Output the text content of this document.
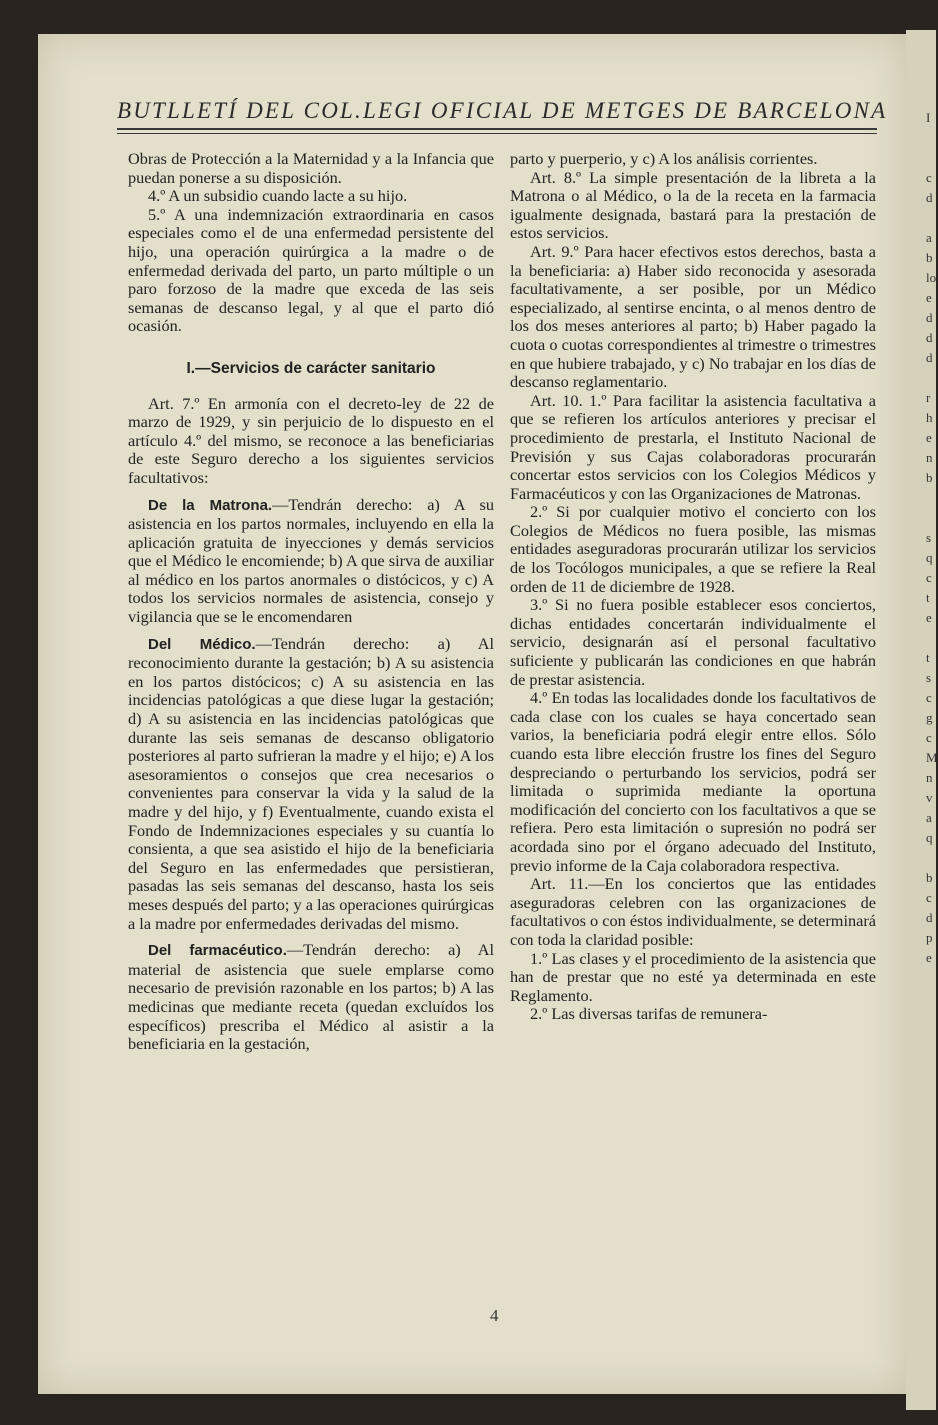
I
c
d
a
b
lo
e
d
d
d
r
h
e
n
b
s
q
c
t
e
t
s
c
g
c
M
n
v
a
q
b
c
d
p
e
BUTLLETÍ DEL COL.LEGI OFICIAL DE METGES DE BARCELONA

Obras de Protección a la Maternidad y a la Infancia que puedan ponerse a su disposición.

4.º A un subsidio cuando lacte a su hijo.

5.º A una indemnización extraordinaria en casos especiales como el de una enfermedad persistente del hijo, una operación quirúrgica a la madre o de enfermedad derivada del parto, un parto múltiple o un paro forzoso de la madre que exceda de las seis semanas de descanso legal, y al que el parto dió ocasión.

I.—Servicios de carácter sanitario

Art. 7.º En armonía con el decreto-ley de 22 de marzo de 1929, y sin perjuicio de lo dispuesto en el artículo 4.º del mismo, se reconoce a las beneficiarias de este Seguro derecho a los siguientes servicios facultativos:

De la Matrona.—Tendrán derecho: a) A su asistencia en los partos normales, incluyendo en ella la aplicación gratuita de inyecciones y demás servicios que el Médico le encomiende; b) A que sirva de auxiliar al médico en los partos anormales o distócicos, y c) A todos los servicios normales de asistencia, consejo y vigilancia que se le encomendaren

Del Médico.—Tendrán derecho: a) Al reconocimiento durante la gestación; b) A su asistencia en los partos distócicos; c) A su asistencia en las incidencias patológicas a que diese lugar la gestación; d) A su asistencia en las incidencias patológicas que durante las seis semanas de descanso obligatorio posteriores al parto sufrieran la madre y el hijo; e) A los asesoramientos o consejos que crea necesarios o convenientes para conservar la vida y la salud de la madre y del hijo, y f) Eventualmente, cuando exista el Fondo de Indemnizaciones especiales y su cuantía lo consienta, a que sea asistido el hijo de la beneficiaria del Seguro en las enfermedades que persistieran, pasadas las seis semanas del descanso, hasta los seis meses después del parto; y a las operaciones quirúrgicas a la madre por enfermedades derivadas del mismo.

Del farmacéutico.—Tendrán derecho: a) Al material de asistencia que suele emplarse como necesario de previsión razonable en los partos; b) A las medicinas que mediante receta (quedan excluídos los específicos) prescriba el Médico al asistir a la beneficiaria en la gestación,

parto y puerperio, y c) A los análisis corrientes.

Art. 8.º La simple presentación de la libreta a la Matrona o al Médico, o la de la receta en la farmacia igualmente designada, bastará para la prestación de estos servicios.

Art. 9.º Para hacer efectivos estos derechos, basta a la beneficiaria: a) Haber sido reconocida y asesorada facultativamente, a ser posible, por un Médico especializado, al sentirse encinta, o al menos dentro de los dos meses anteriores al parto; b) Haber pagado la cuota o cuotas correspondientes al trimestre o trimestres en que hubiere trabajado, y c) No trabajar en los días de descanso reglamentario.

Art. 10. 1.º Para facilitar la asistencia facultativa a que se refieren los artículos anteriores y precisar el procedimiento de prestarla, el Instituto Nacional de Previsión y sus Cajas colaboradoras procurarán concertar estos servicios con los Colegios Médicos y Farmacéuticos y con las Organizaciones de Matronas.

2.º Si por cualquier motivo el concierto con los Colegios de Médicos no fuera posible, las mismas entidades aseguradoras procurarán utilizar los servicios de los Tocólogos municipales, a que se refiere la Real orden de 11 de diciembre de 1928.

3.º Si no fuera posible establecer esos conciertos, dichas entidades concertarán individualmente el servicio, designarán así el personal facultativo suficiente y publicarán las condiciones en que habrán de prestar asistencia.

4.º En todas las localidades donde los facultativos de cada clase con los cuales se haya concertado sean varios, la beneficiaria podrá elegir entre ellos. Sólo cuando esta libre elección frustre los fines del Seguro despreciando o perturbando los servicios, podrá ser limitada o suprimida mediante la oportuna modificación del concierto con los facultativos a que se refiera. Pero esta limitación o supresión no podrá ser acordada sino por el órgano adecuado del Instituto, previo informe de la Caja colaboradora respectiva.

Art. 11.—En los conciertos que las entidades aseguradoras celebren con las organizaciones de facultativos o con éstos individualmente, se determinará con toda la claridad posible:

1.º Las clases y el procedimiento de la asistencia que han de prestar que no esté ya determinada en este Reglamento.

2.º Las diversas tarifas de remunera-

4
